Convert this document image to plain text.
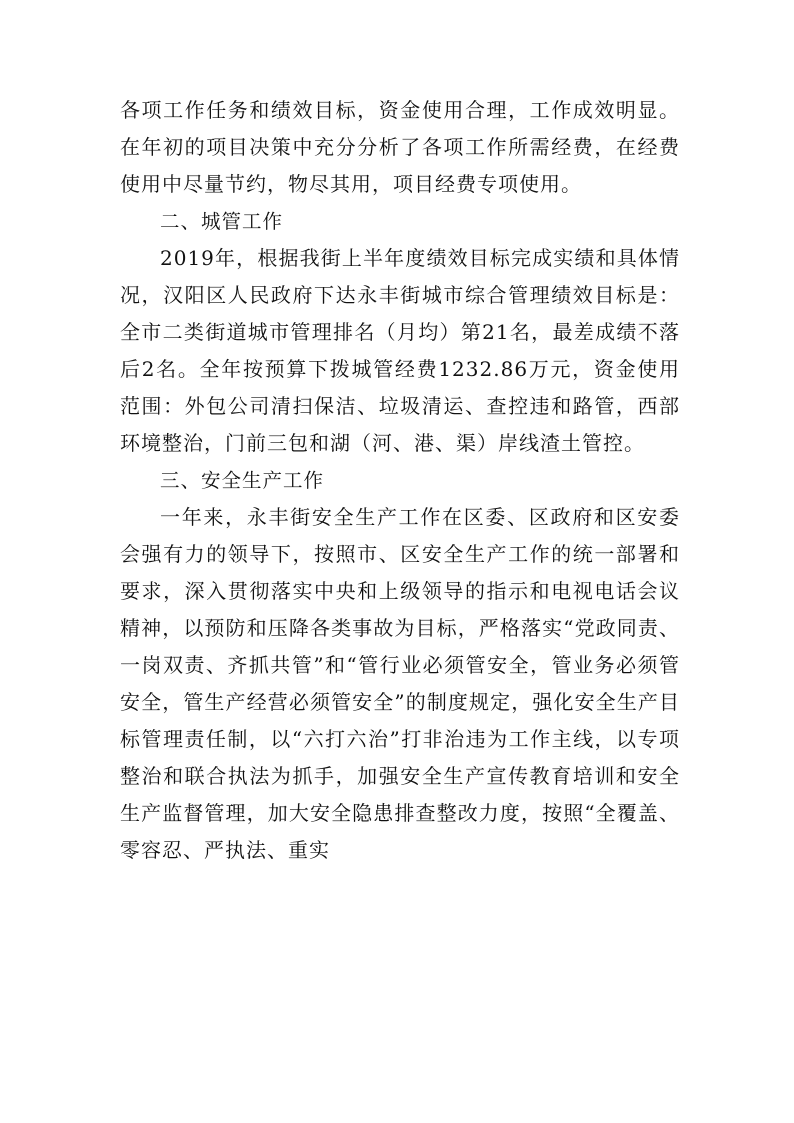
各项工作任务和绩效目标，资金使用合理，工作成效明显。在年初的项目决策中充分分析了各项工作所需经费，在经费使用中尽量节约，物尽其用，项目经费专项使用。

二、城管工作

2019年，根据我街上半年度绩效目标完成实绩和具体情况，汉阳区人民政府下达永丰街城市综合管理绩效目标是：全市二类街道城市管理排名（月均）第21名，最差成绩不落后2名。全年按预算下拨城管经费1232.86万元，资金使用范围：外包公司清扫保洁、垃圾清运、查控违和路管，西部环境整治，门前三包和湖（河、港、渠）岸线渣土管控。

三、安全生产工作

一年来，永丰街安全生产工作在区委、区政府和区安委会强有力的领导下，按照市、区安全生产工作的统一部署和要求，深入贯彻落实中央和上级领导的指示和电视电话会议精神，以预防和压降各类事故为目标，严格落实“党政同责、一岗双责、齐抓共管”和“管行业必须管安全，管业务必须管安全，管生产经营必须管安全”的制度规定，强化安全生产目标管理责任制，以“六打六治”打非治违为工作主线，以专项整治和联合执法为抓手，加强安全生产宣传教育培训和安全生产监督管理，加大安全隐患排查整改力度，按照“全覆盖、零容忍、严执法、重实
